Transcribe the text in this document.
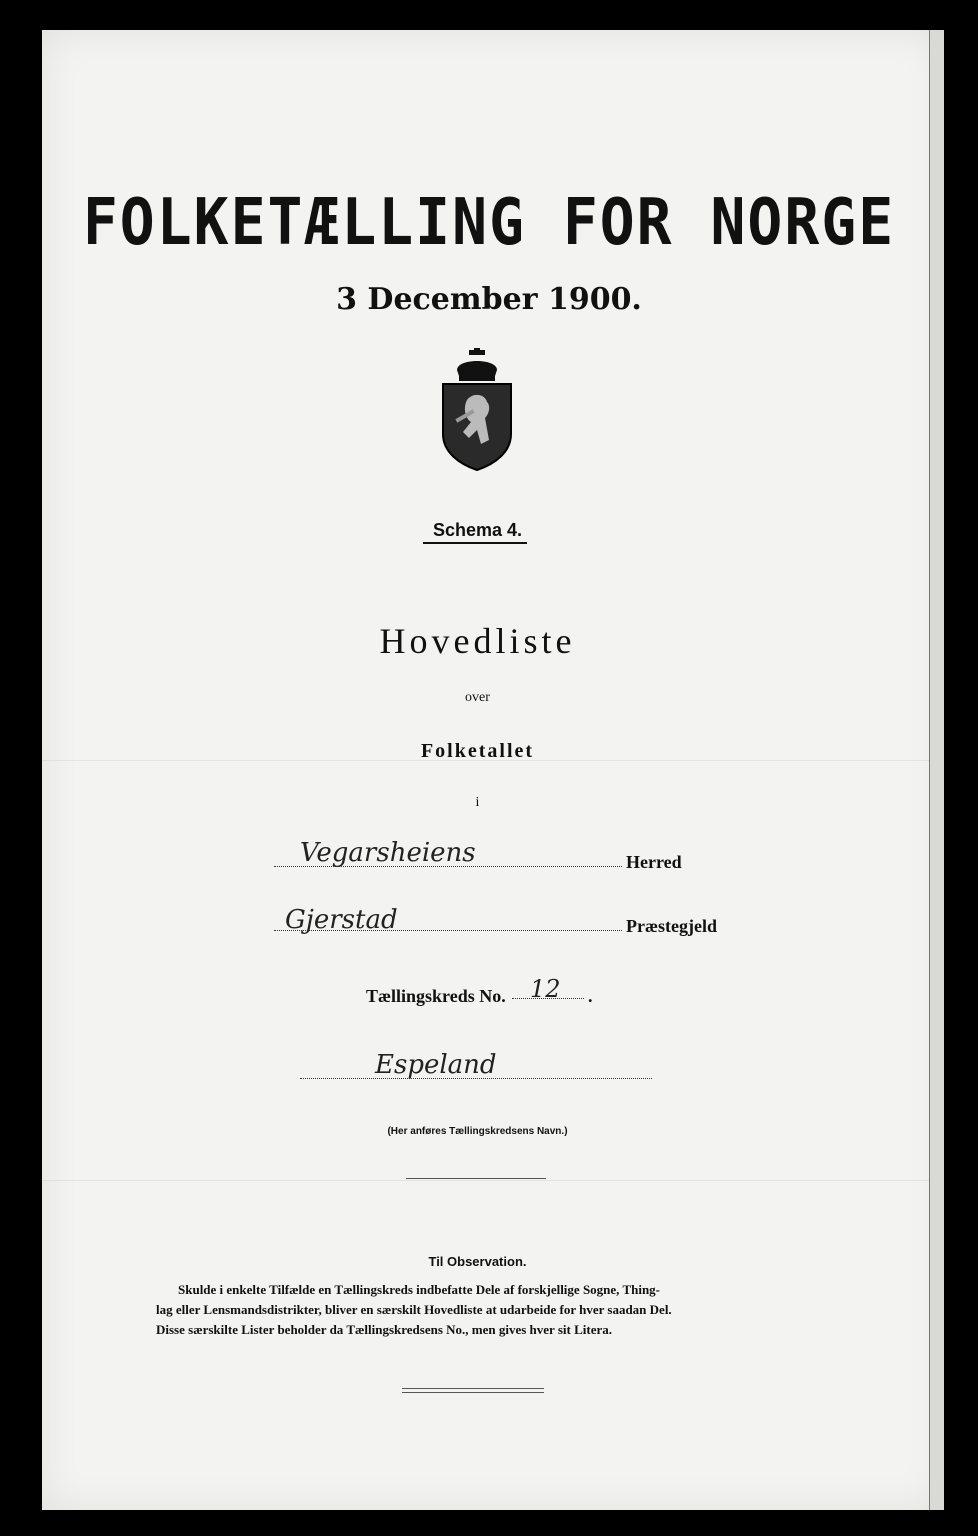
FOLKETÆLLING FOR NORGE
3 December 1900.
Schema 4.
Hovedliste
over
Folketallet
i
Vegarsheiens	Herred
Gjerstad	Præstegjeld
Tællingskreds No. 12 .
Espeland
(Her anføres Tællingskredsens Navn.)
Til Observation.
Skulde i enkelte Tilfælde en Tællingskreds indbefatte Dele af forskjellige Sogne, Thing-
lag eller Lensmandsdistrikter, bliver en særskilt Hovedliste at udarbeide for hver saadan Del.
Disse særskilte Lister beholder da Tællingskredsens No., men gives hver sit Litera.
